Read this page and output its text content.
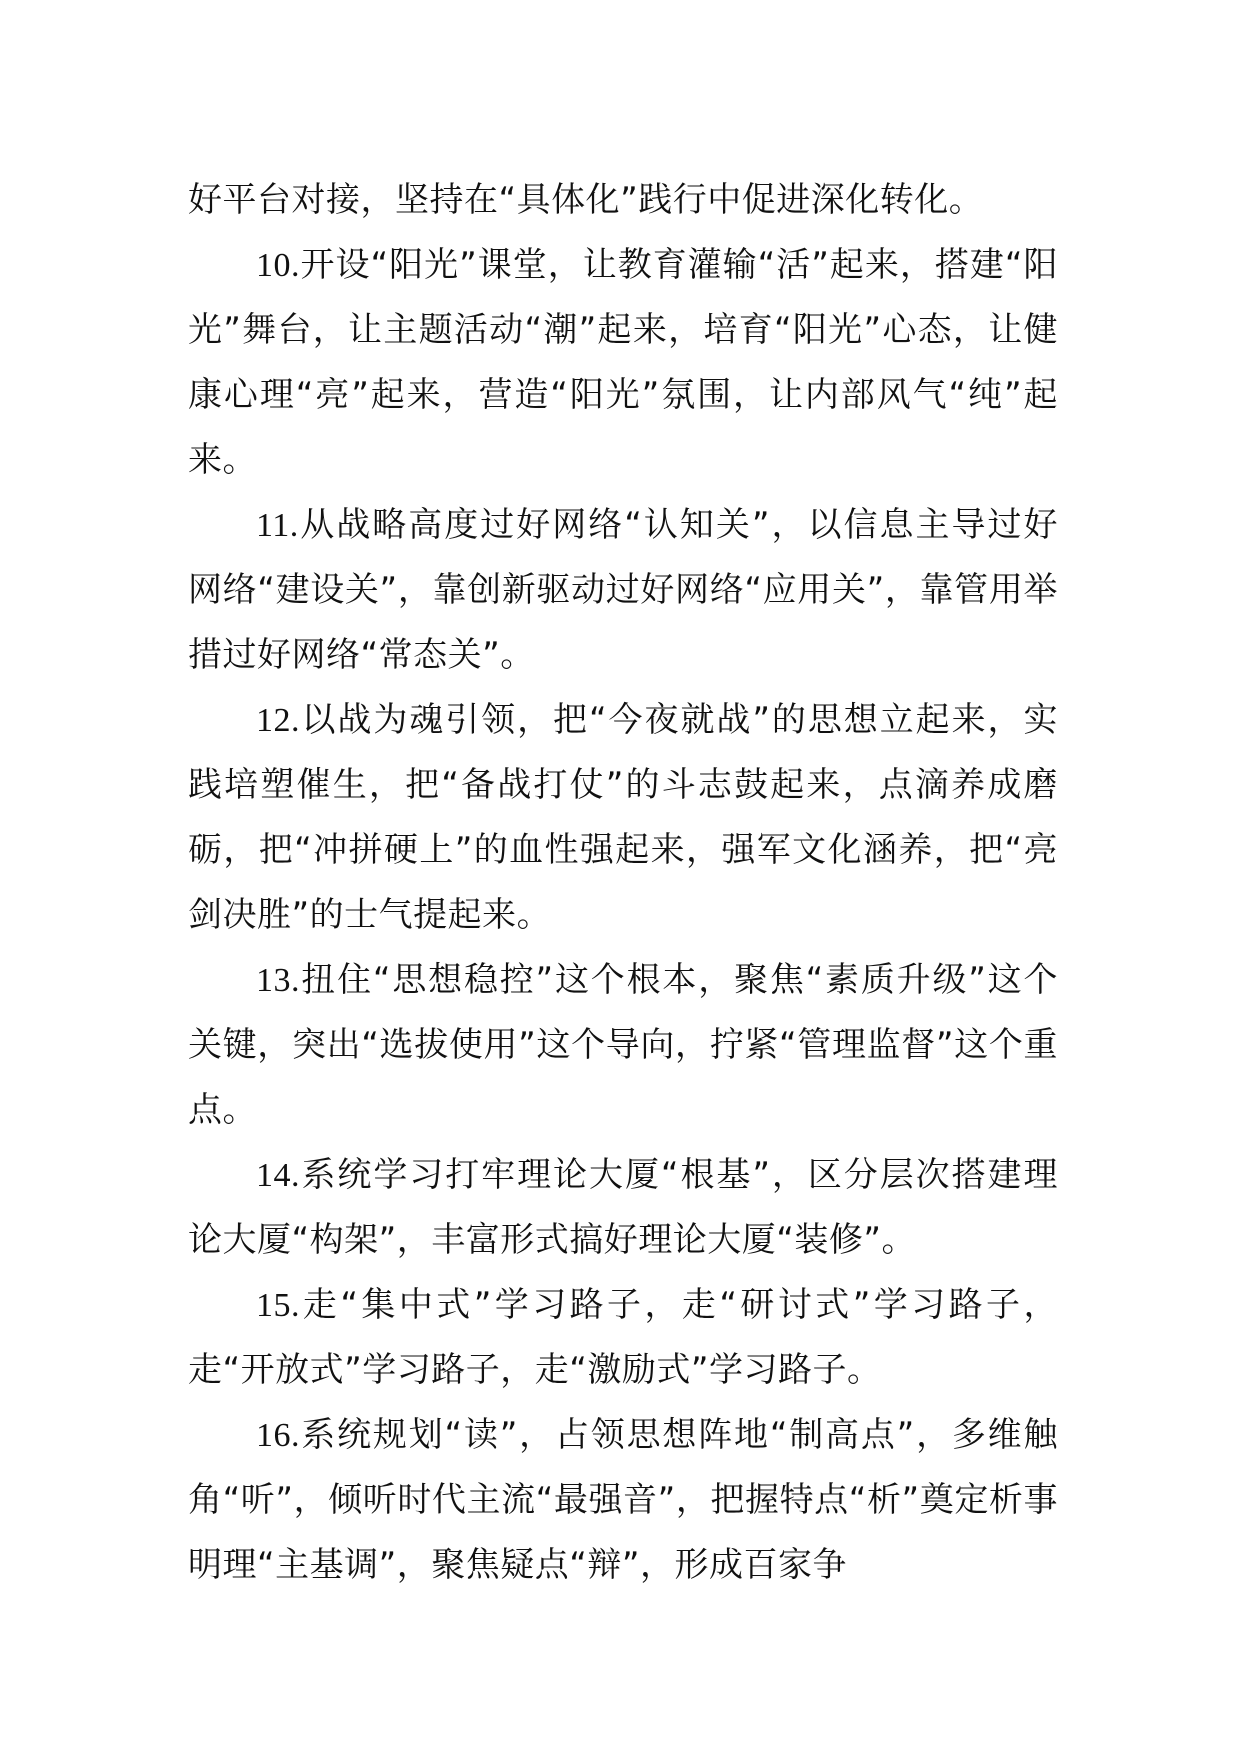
好平台对接，坚持在“具体化”践行中促进深化转化。

10.开设“阳光”课堂，让教育灌输“活”起来，搭建“阳光”舞台，让主题活动“潮”起来，培育“阳光”心态，让健康心理“亮”起来，营造“阳光”氛围，让内部风气“纯”起来。

11.从战略高度过好网络“认知关”，以信息主导过好网络“建设关”，靠创新驱动过好网络“应用关”，靠管用举措过好网络“常态关”。

12.以战为魂引领，把“今夜就战”的思想立起来，实践培塑催生，把“备战打仗”的斗志鼓起来，点滴养成磨砺，把“冲拼硬上”的血性强起来，强军文化涵养，把“亮剑决胜”的士气提起来。

13.扭住“思想稳控”这个根本，聚焦“素质升级”这个关键，突出“选拔使用”这个导向，拧紧“管理监督”这个重点。

14.系统学习打牢理论大厦“根基”，区分层次搭建理论大厦“构架”，丰富形式搞好理论大厦“装修”。

15.走“集中式”学习路子，走“研讨式”学习路子，走“开放式”学习路子，走“激励式”学习路子。

16.系统规划“读”，占领思想阵地“制高点”，多维触角“听”，倾听时代主流“最强音”，把握特点“析”奠定析事明理“主基调”，聚焦疑点“辩”，形成百家争
